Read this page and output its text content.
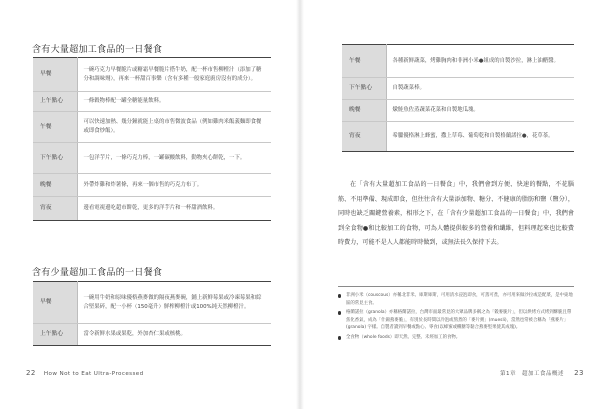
含有大量超加工食品的一日餐食
早餐	一碗巧克力早餐脆片或糖霜早餐脆片搭牛奶，配一杯市售柳橙汁（添加了糖分和調味劑），再來一杯甜百事樂（含有多種一般家庭廚房沒有的成分）。
上午點心	一條穀物棒配一罐全糖能量飲料。
午餐	可以快速加熱、幾分鐘就能上桌的市售微波食品（例如雞肉米飯義麵即食餐或即食炒飯）。
下午點心	一包洋芋片，一條巧克力棒，一罐碳酸飲料，動物夾心餅乾，一下。
晚餐	外帶炸雞和炸薯條，再來一個市售的巧克力布丁。
宵夜	邊看電視邊吃超市餅乾，更多的洋芋片和一杯甜酒飲料。
含有少量超加工食品的一日餐食
早餐	一碗用牛奶和原味優格燕麥做的隔夜燕麥碗，鋪上新鮮莓果或冷凍莓果和綜合堅果碎，配一小杯（150毫升）鮮榨柳橙汁或100%純天然柳橙汁。
上午點心	當令新鮮水果或果乾，外加杏仁果或核桃。
22 How Not to Eat Ultra-Processed
午餐	各種新鮮蔬菜，烤雞胸肉和非洲小米●組成的自製沙拉，淋上油醋醬。
下午點心	自製蔬菜棒。
晚餐	燉鮭魚佐蒸蔬菜花菜和自製地瓜塊。
宵夜	希臘優格淋上蜂蜜，撒上草莓、葡萄乾和自製格蘭諾拉●，花草茶。

在「含有大量超加工食品的一日餐食」中，我們會到方便、快速的餐點，不花腦筋、不用準備、現成即食，但往往含有大量添加物、糖分、不健康的脂肪和鹽（鹽分），同時也缺乏關鍵營養素，相形之下，在「含有少量超加工食品的一日餐食」中，我們會到全食物●和比較加工的食物，可為人體提供較多的營養和纖維，但料理起來也比較費時費力，可能不是人人都能時時做到，或無法長久保持下去。

非洲小米（couscous）亦稱北非米、庫斯庫斯，可用清水浸泡即食，可蒸可煮，亦可用來做沙拉或是配菜，是中東地區的常見主食。
格蘭諾拉（granola）亦稱格蘭諾拉，台灣市面最常見的大眾品牌多稱之為「穀麥脆片」，但以烘烤方式烤到酥脆且帶焦化香氣，成為「什錦燕麥脆」，有別於長時間以冷泡或熬煮的「麥片粥」(muesli)，當然也常被合稱為「燕麥片」(granola) 字樣。自製者讀到早餐或點心、零食(以蜂蜜或楓糖等黏合燕麥堅果使其成塊)。
全食物（whole foods）即天然、完整、未經加工的食物。
第1章　超加工食品概述 23
